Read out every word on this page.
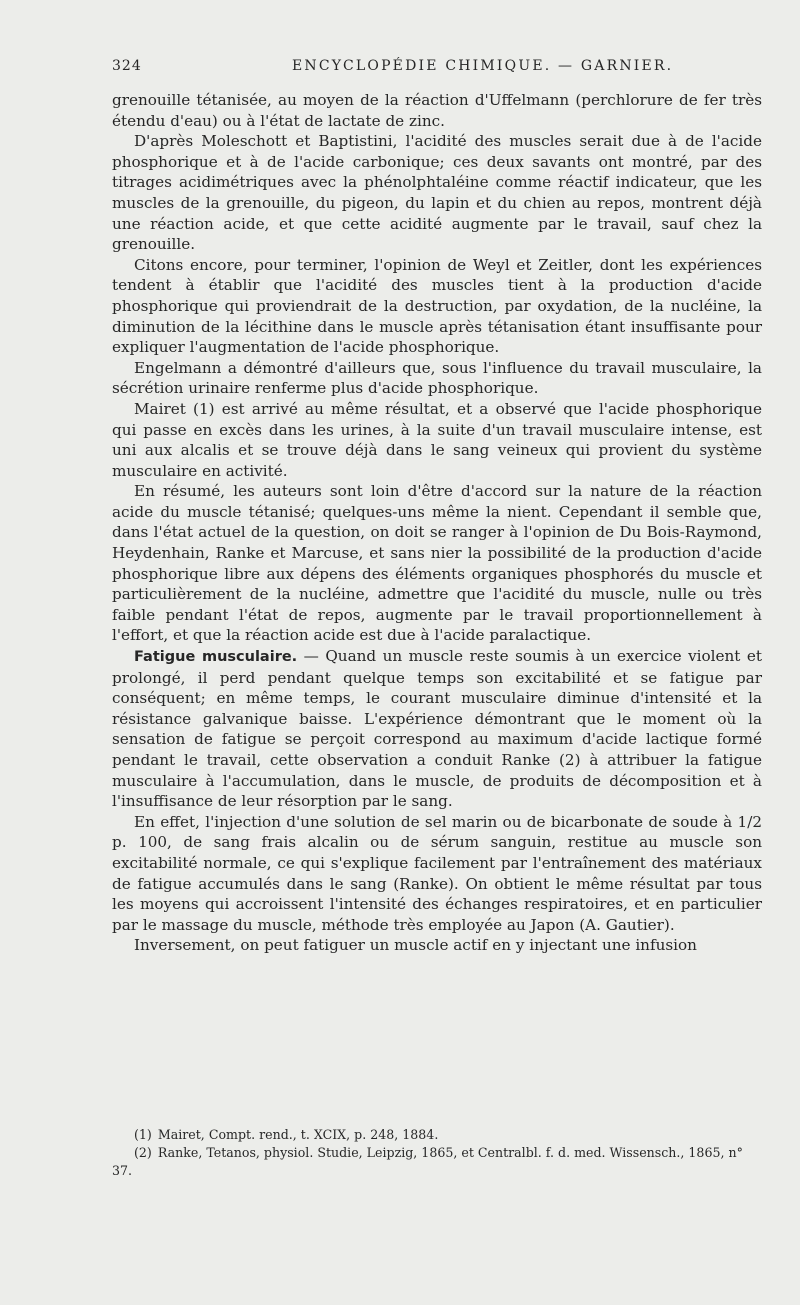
324	ENCYCLOPÉDIE CHIMIQUE. — GARNIER.

grenouille tétanisée, au moyen de la réaction d'Uffelmann (perchlorure de fer très étendu d'eau) ou à l'état de lactate de zinc.

D'après Moleschott et Baptistini, l'acidité des muscles serait due à de l'acide phosphorique et à de l'acide carbonique; ces deux savants ont montré, par des titrages acidimétriques avec la phénolphtaléine comme réactif indicateur, que les muscles de la grenouille, du pigeon, du lapin et du chien au repos, montrent déjà une réaction acide, et que cette acidité augmente par le travail, sauf chez la grenouille.

Citons encore, pour terminer, l'opinion de Weyl et Zeitler, dont les expériences tendent à établir que l'acidité des muscles tient à la production d'acide phosphorique qui proviendrait de la destruction, par oxydation, de la nucléine, la diminution de la lécithine dans le muscle après tétanisation étant insuffisante pour expliquer l'augmentation de l'acide phosphorique.

Engelmann a démontré d'ailleurs que, sous l'influence du travail musculaire, la sécrétion urinaire renferme plus d'acide phosphorique.

Mairet (1) est arrivé au même résultat, et a observé que l'acide phosphorique qui passe en excès dans les urines, à la suite d'un travail musculaire intense, est uni aux alcalis et se trouve déjà dans le sang veineux qui provient du système musculaire en activité.

En résumé, les auteurs sont loin d'être d'accord sur la nature de la réaction acide du muscle tétanisé; quelques-uns même la nient. Cependant il semble que, dans l'état actuel de la question, on doit se ranger à l'opinion de Du Bois-Raymond, Heydenhain, Ranke et Marcuse, et sans nier la possibilité de la production d'acide phosphorique libre aux dépens des éléments organiques phosphorés du muscle et particulièrement de la nucléine, admettre que l'acidité du muscle, nulle ou très faible pendant l'état de repos, augmente par le travail proportionnellement à l'effort, et que la réaction acide est due à l'acide paralactique.

Fatigue musculaire. — Quand un muscle reste soumis à un exercice violent et prolongé, il perd pendant quelque temps son excitabilité et se fatigue par conséquent; en même temps, le courant musculaire diminue d'intensité et la résistance galvanique baisse. L'expérience démontrant que le moment où la sensation de fatigue se perçoit correspond au maximum d'acide lactique formé pendant le travail, cette observation a conduit Ranke (2) à attribuer la fatigue musculaire à l'accumulation, dans le muscle, de produits de décomposition et à l'insuffisance de leur résorption par le sang.

En effet, l'injection d'une solution de sel marin ou de bicarbonate de soude à 1/2 p. 100, de sang frais alcalin ou de sérum sanguin, restitue au muscle son excitabilité normale, ce qui s'explique facilement par l'entraînement des matériaux de fatigue accumulés dans le sang (Ranke). On obtient le même résultat par tous les moyens qui accroissent l'intensité des échanges respiratoires, et en particulier par le massage du muscle, méthode très employée au Japon (A. Gautier).

Inversement, on peut fatiguer un muscle actif en y injectant une infusion

(1) Mairet, Compt. rend., t. XCIX, p. 248, 1884.

(2) Ranke, Tetanos, physiol. Studie, Leipzig, 1865, et Centralbl. f. d. med. Wissensch., 1865, n° 37.
